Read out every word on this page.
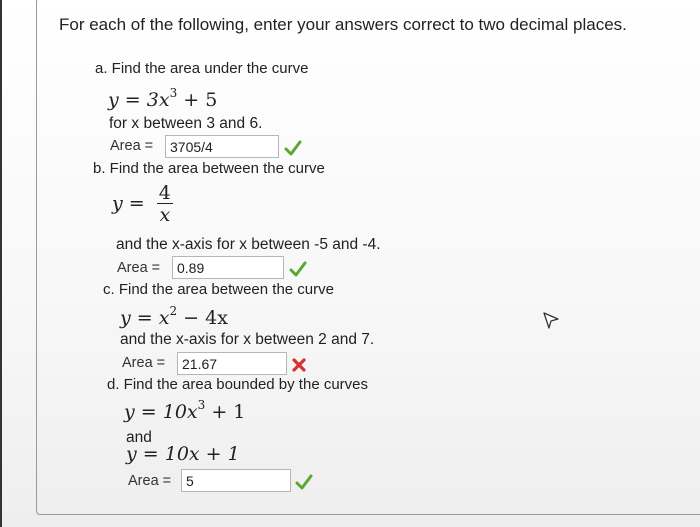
For each of the following, enter your answers correct to two decimal places.
a. Find the area under the curve
$y = 3x^3 + 5$
for x between 3 and 6.
Area =
3705/4
b. Find the area between the curve
$y = \frac{4}{x}$
and the x-axis for x between -5 and -4.
Area =
0.89
c. Find the area between the curve
$y = x^2 - 4x$
and the x-axis for x between 2 and 7.
Area =
21.67
d. Find the area bounded by the curves
$y = 10x^3 + 1$
and
y = 10x + 1
Area =
5
